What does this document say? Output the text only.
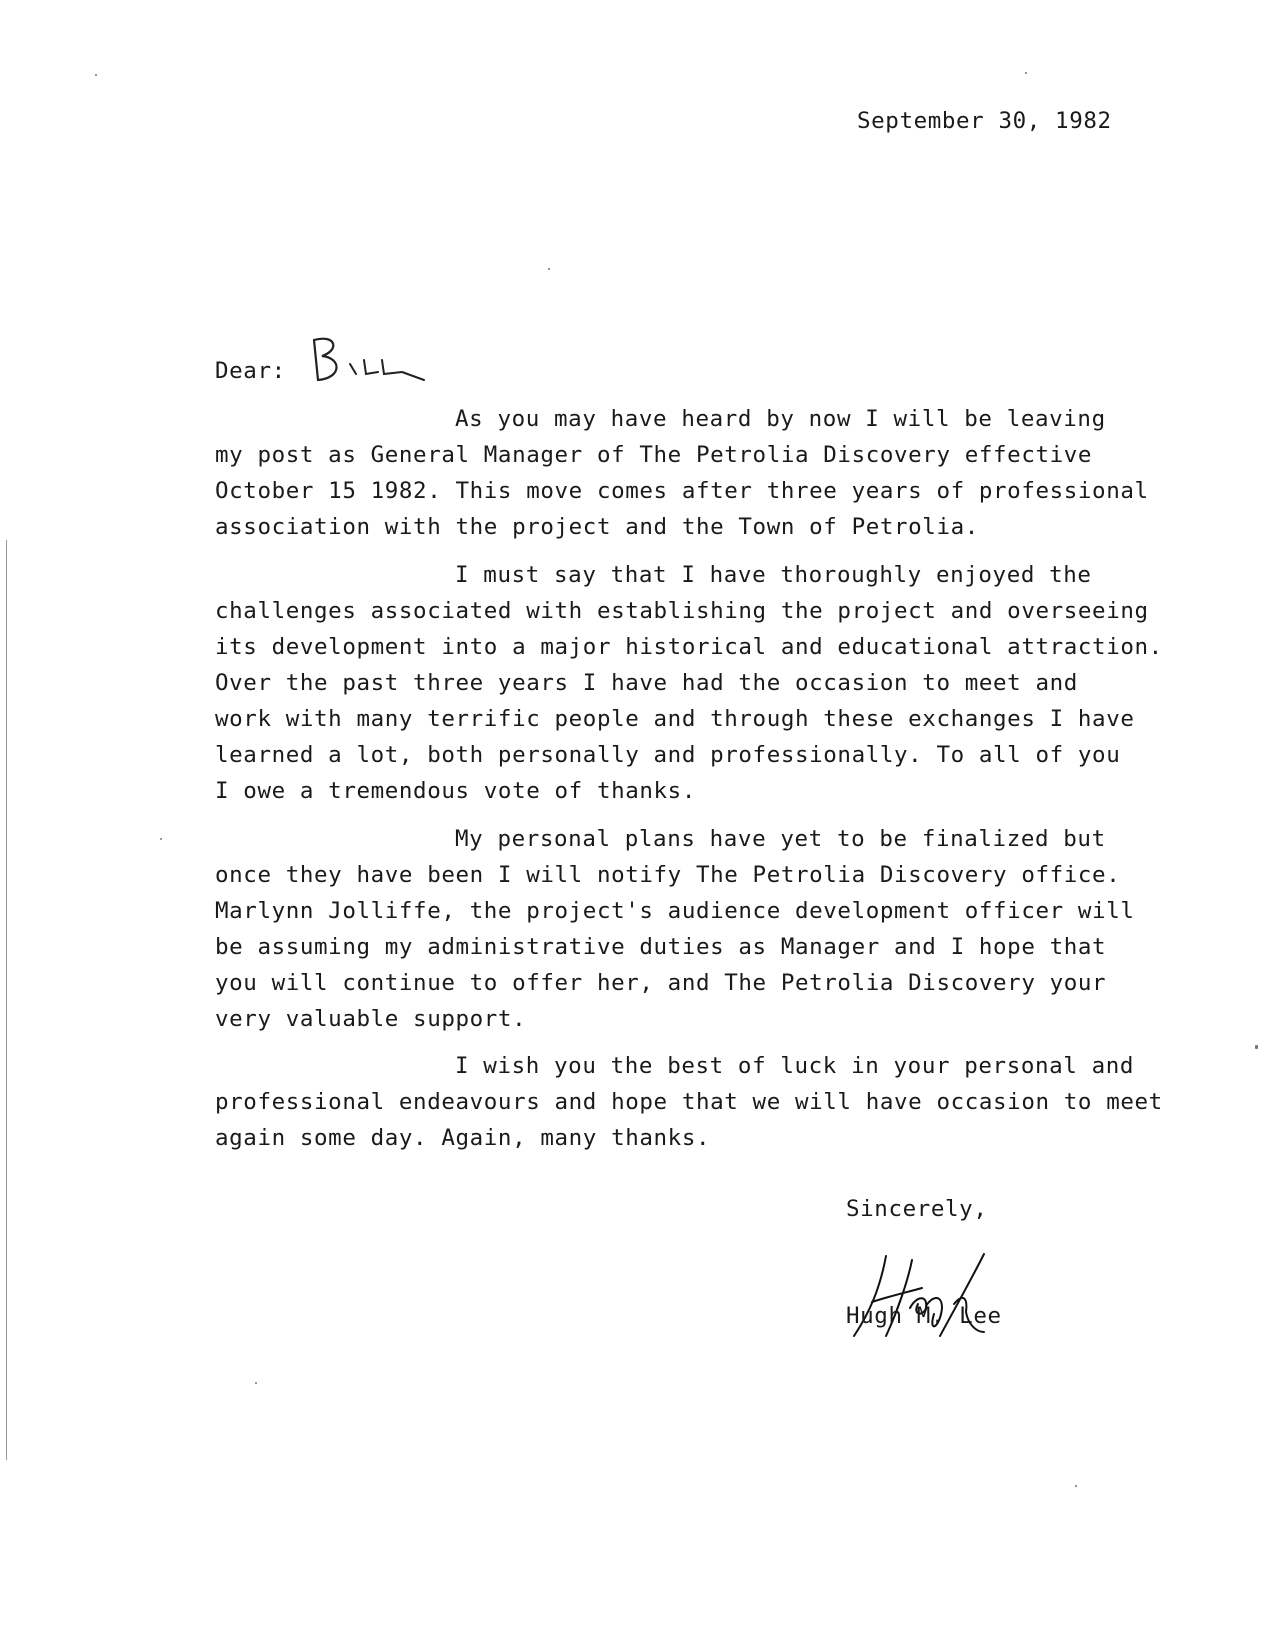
September 30, 1982
Dear:
As you may have heard by now I will be leaving
my post as General Manager of The Petrolia Discovery effective
October 15 1982. This move comes after three years of professional
association with the project and the Town of Petrolia.
I must say that I have thoroughly enjoyed the
challenges associated with establishing the project and overseeing
its development into a major historical and educational attraction.
Over the past three years I have had the occasion to meet and
work with many terrific people and through these exchanges I have
learned a lot, both personally and professionally. To all of you
I owe a tremendous vote of thanks.
My personal plans have yet to be finalized but
once they have been I will notify The Petrolia Discovery office.
Marlynn Jolliffe, the project's audience development officer will
be assuming my administrative duties as Manager and I hope that
you will continue to offer her, and The Petrolia Discovery your
very valuable support.
I wish you the best of luck in your personal and
professional endeavours and hope that we will have occasion to meet
again some day. Again, many thanks.
Sincerely,
Hugh M. Lee
